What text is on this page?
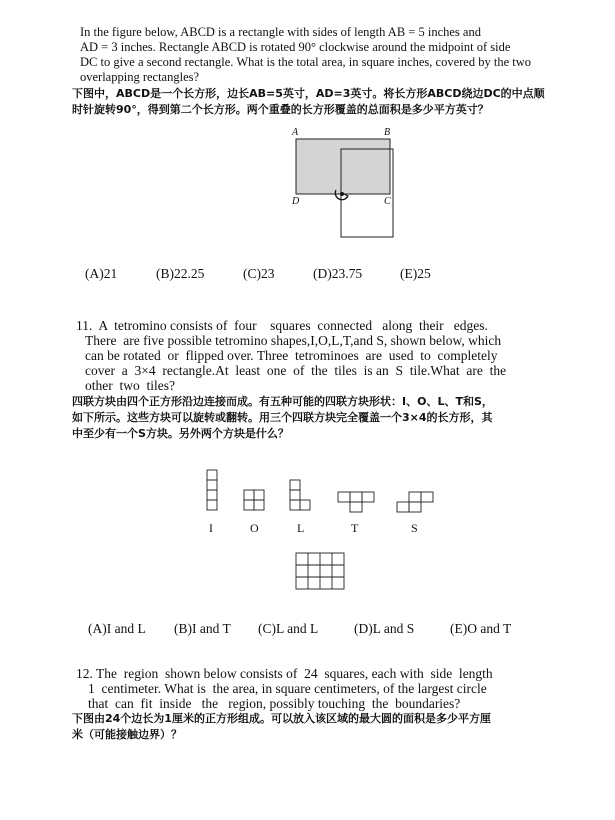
In the figure below, ABCD is a rectangle with sides of length AB = 5 inches and
AD = 3 inches. Rectangle ABCD is rotated 90° clockwise around the midpoint of side
DC to give a second rectangle. What is the total area, in square inches, covered by the two
overlapping rectangles?
下图中，ABCD是一个长方形，边长AB=5英寸，AD=3英寸。将长方形ABCD绕边DC的中点顺
时针旋转90°，得到第二个长方形。两个重叠的长方形覆盖的总面积是多少平方英寸？
A	B
D	C
(A)21	(B)22.25	(C)23	(D)23.75	(E)25
11.  A  tetromino consists of  four    squares  connected   along  their   edges.
There  are five possible tetromino shapes,I,O,L,T,and S, shown below, which
can be rotated  or  flipped over. Three  tetrominoes  are  used  to  completely
cover  a  3×4  rectangle.At  least  one  of  the  tiles  is an  S  tile.What  are  the
other  two  tiles?
四联方块由四个正方形沿边连接而成。有五种可能的四联方块形状：I、O、L、T和S，
如下所示。这些方块可以旋转或翻转。用三个四联方块完全覆盖一个3×4的长方形，其
中至少有一个S方块。另外两个方块是什么？
I	O	L	T	S
(A)I and L (B)I and T (C)L and L	(D)L and S	(E)O and T
12. The  region  shown below consists of  24  squares, each with  side  length
1  centimeter. What is  the area, in square centimeters, of the largest circle
that  can  fit  inside   the   region, possibly touching  the  boundaries?
下图由24个边长为1厘米的正方形组成。可以放入该区域的最大圆的面积是多少平方厘
米（可能接触边界）？
